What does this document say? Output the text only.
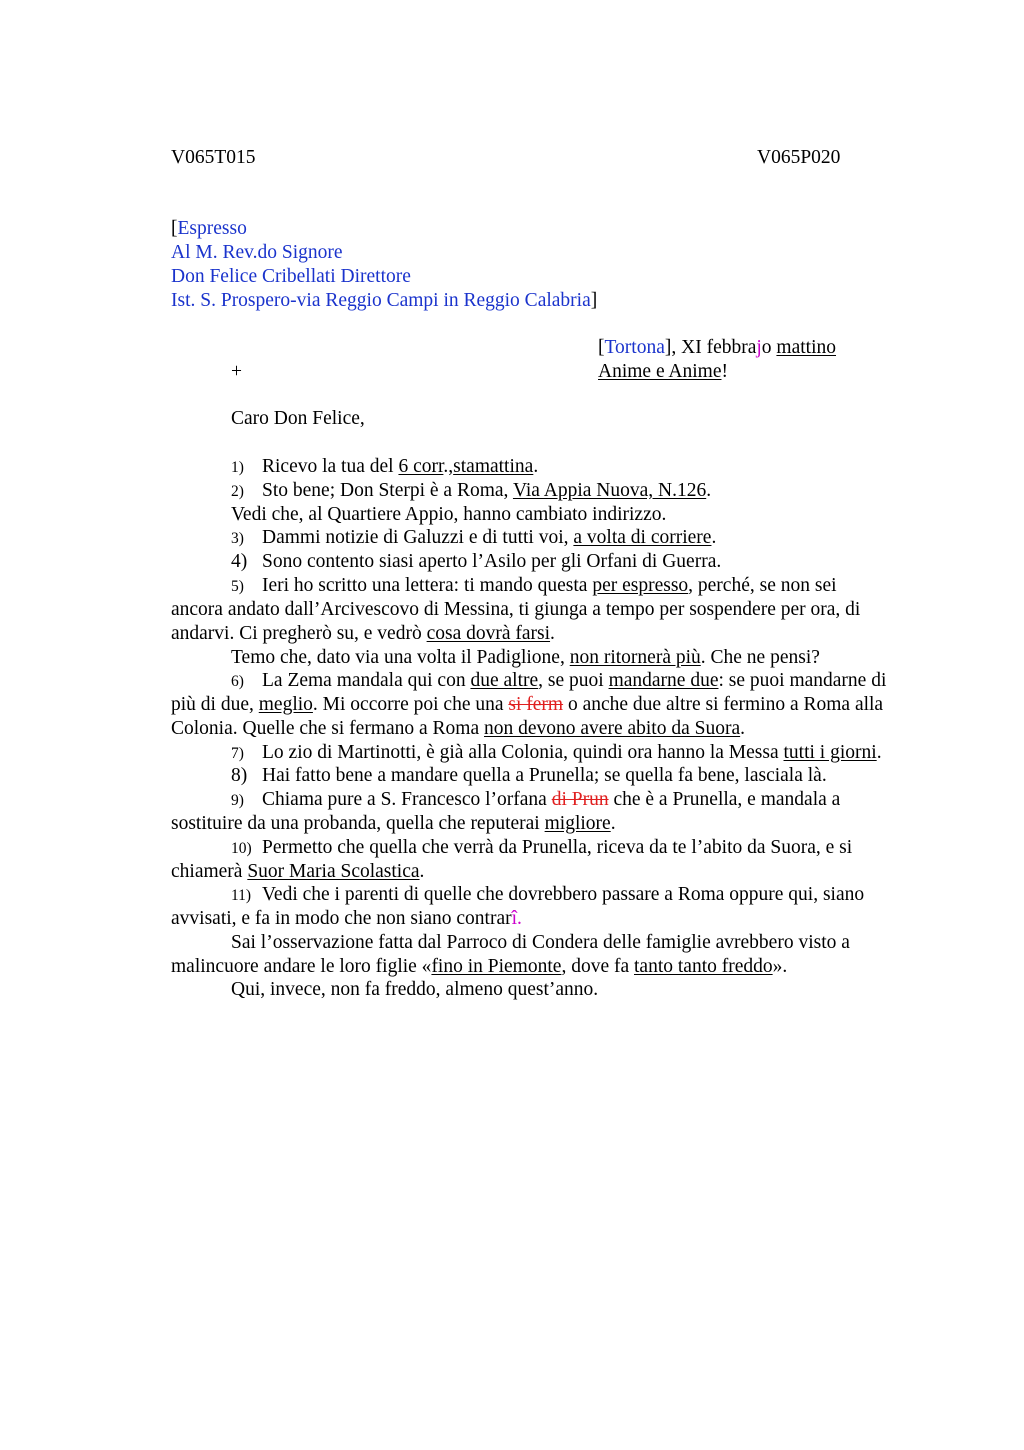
V065T015	V065P020
[Espresso
Al M. Rev.do Signore
Don Felice Cribellati Direttore
Ist. S. Prospero-via Reggio Campi in Reggio Calabria]
[Tortona], XI febbrajo mattino
+	Anime e Anime!
Caro Don Felice,
1) Ricevo la tua del 6 corr.,stamattina.
2) Sto bene; Don Sterpi è a Roma, Via Appia Nuova, N.126.
Vedi che, al Quartiere Appio, hanno cambiato indirizzo.
3) Dammi notizie di Galuzzi e di tutti voi, a volta di corriere.
4) Sono contento siasi aperto l’Asilo per gli Orfani di Guerra.
5) Ieri ho scritto una lettera: ti mando questa per espresso, perché, se non sei
ancora andato dall’Arcivescovo di Messina, ti giunga a tempo per sospendere per ora, di
andarvi. Ci pregherò su, e vedrò cosa dovrà farsi.
Temo che, dato via una volta il Padiglione, non ritornerà più. Che ne pensi?
6) La Zema mandala qui con due altre, se puoi mandarne due: se puoi mandarne di
più di due, meglio. Mi occorre poi che una si ferm o anche due altre si fermino a Roma alla
Colonia. Quelle che si fermano a Roma non devono avere abito da Suora.
7) Lo zio di Martinotti, è già alla Colonia, quindi ora hanno la Messa tutti i giorni.
8) Hai fatto bene a mandare quella a Prunella; se quella fa bene, lasciala là.
9) Chiama pure a S. Francesco l’orfana di Prun che è a Prunella, e mandala a
sostituire da una probanda, quella che reputerai migliore.
10) Permetto che quella che verrà da Prunella, riceva da te l’abito da Suora, e si
chiamerà Suor Maria Scolastica.
11) Vedi che i parenti di quelle che dovrebbero passare a Roma oppure qui, siano
avvisati, e fa in modo che non siano contrarî.
Sai l’osservazione fatta dal Parroco di Condera delle famiglie avrebbero visto a
malincuore andare le loro figlie «fino in Piemonte, dove fa tanto tanto freddo».
Qui, invece, non fa freddo, almeno quest’anno.
